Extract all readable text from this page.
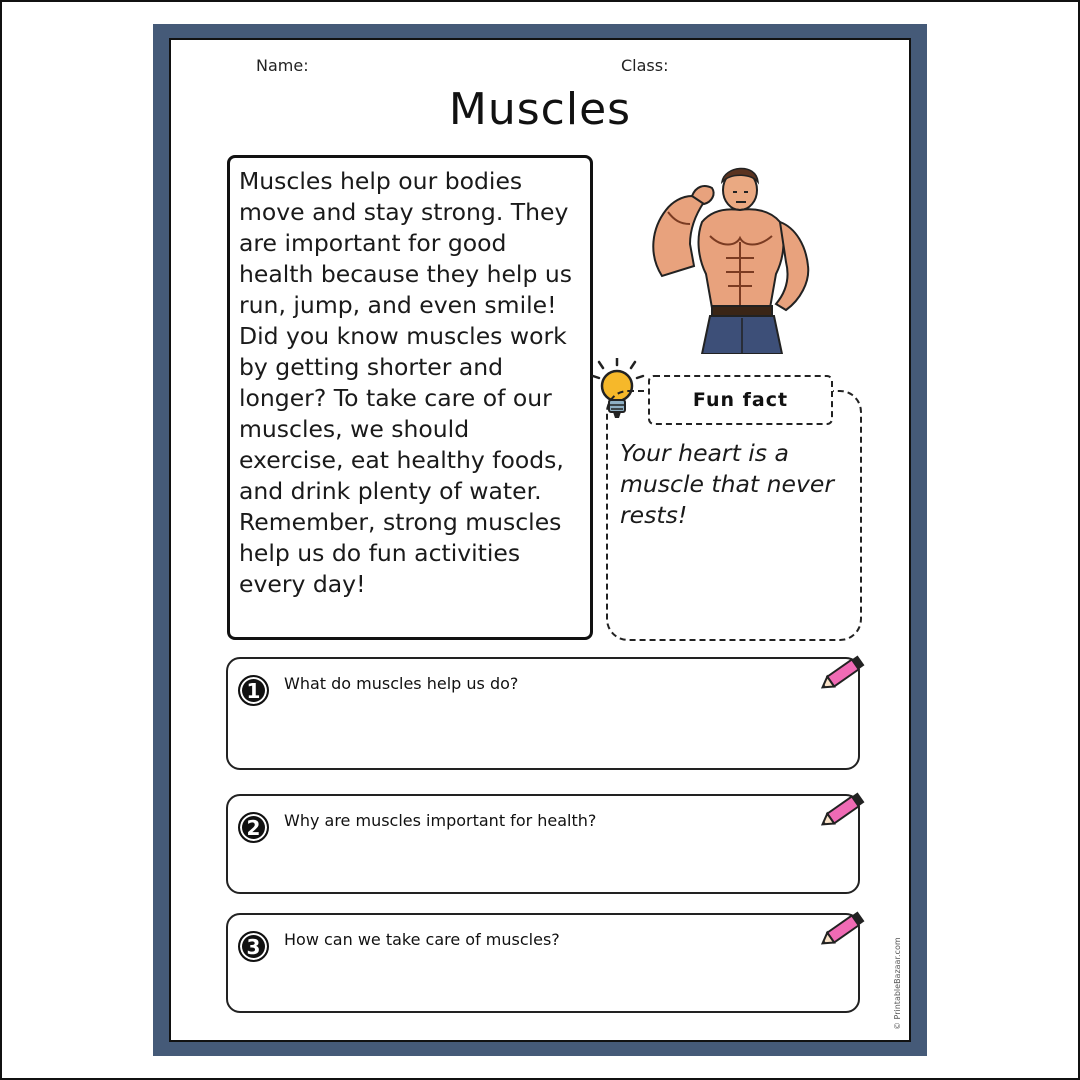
Name:	Class:
Muscles

Muscles help our bodies move and stay strong. They are important for good health because they help us run, jump, and even smile! Did you know muscles work by getting shorter and longer? To take care of our muscles, we should exercise, eat healthy foods, and drink plenty of water. Remember, strong muscles help us do fun activities every day!

Your heart is a muscle that never rests!

Fun fact
1	What do muscles help us do?
2	Why are muscles important for health?
3	How can we take care of muscles?	© PrintableBazaar.com
